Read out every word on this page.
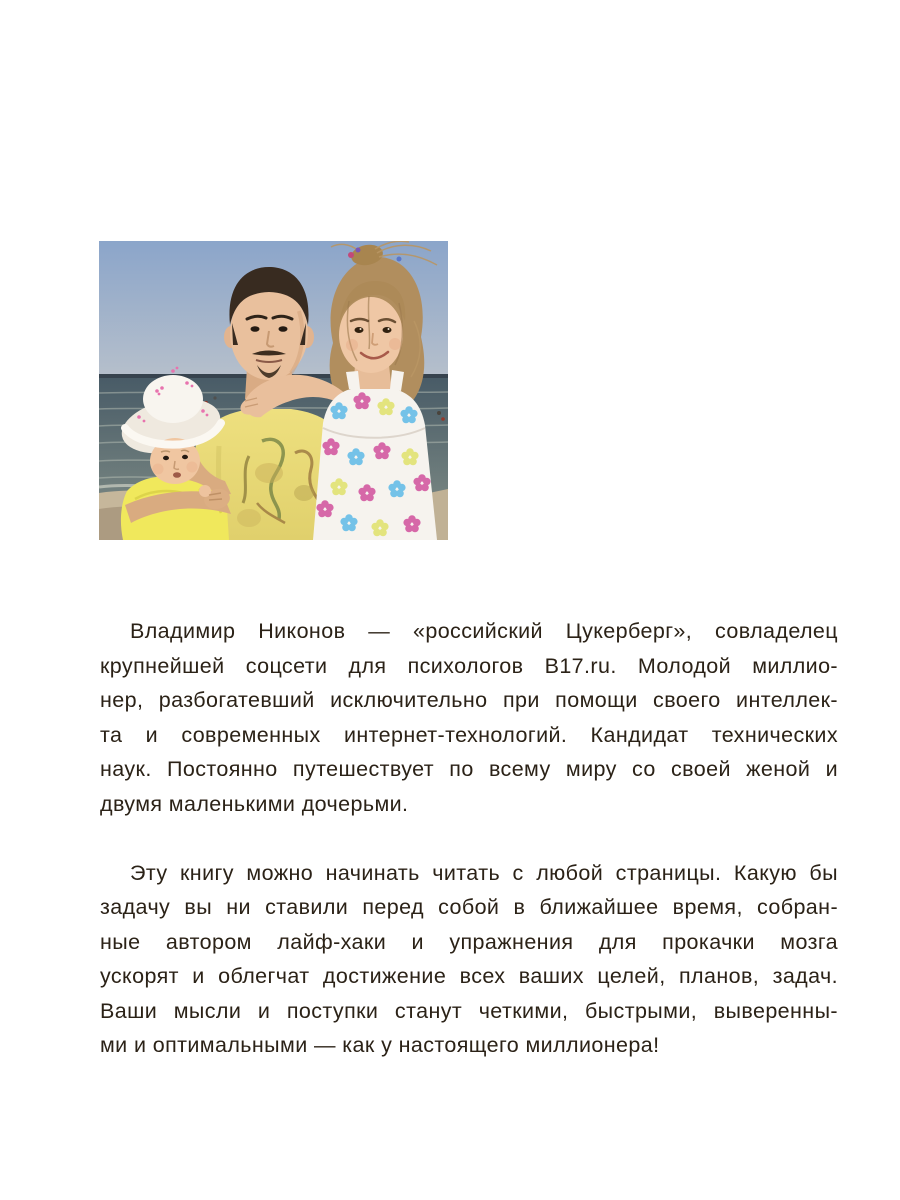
Владимир Никонов — «российский Цукерберг», совладелец
крупнейшей соцсети для психологов B17.ru. Молодой миллио-
нер, разбогатевший исключительно при помощи своего интеллек-
та и современных интернет-технологий. Кандидат технических
наук. Постоянно путешествует по всему миру со своей женой и
двумя маленькими дочерьми.

Эту книгу можно начинать читать с любой страницы. Какую бы
задачу вы ни ставили перед собой в ближайшее время, собран-
ные автором лайф-хаки и упражнения для прокачки мозга
ускорят и облегчат достижение всех ваших целей, планов, задач.
Ваши мысли и поступки станут четкими, быстрыми, выверенны-
ми и оптимальными — как у настоящего миллионера!
